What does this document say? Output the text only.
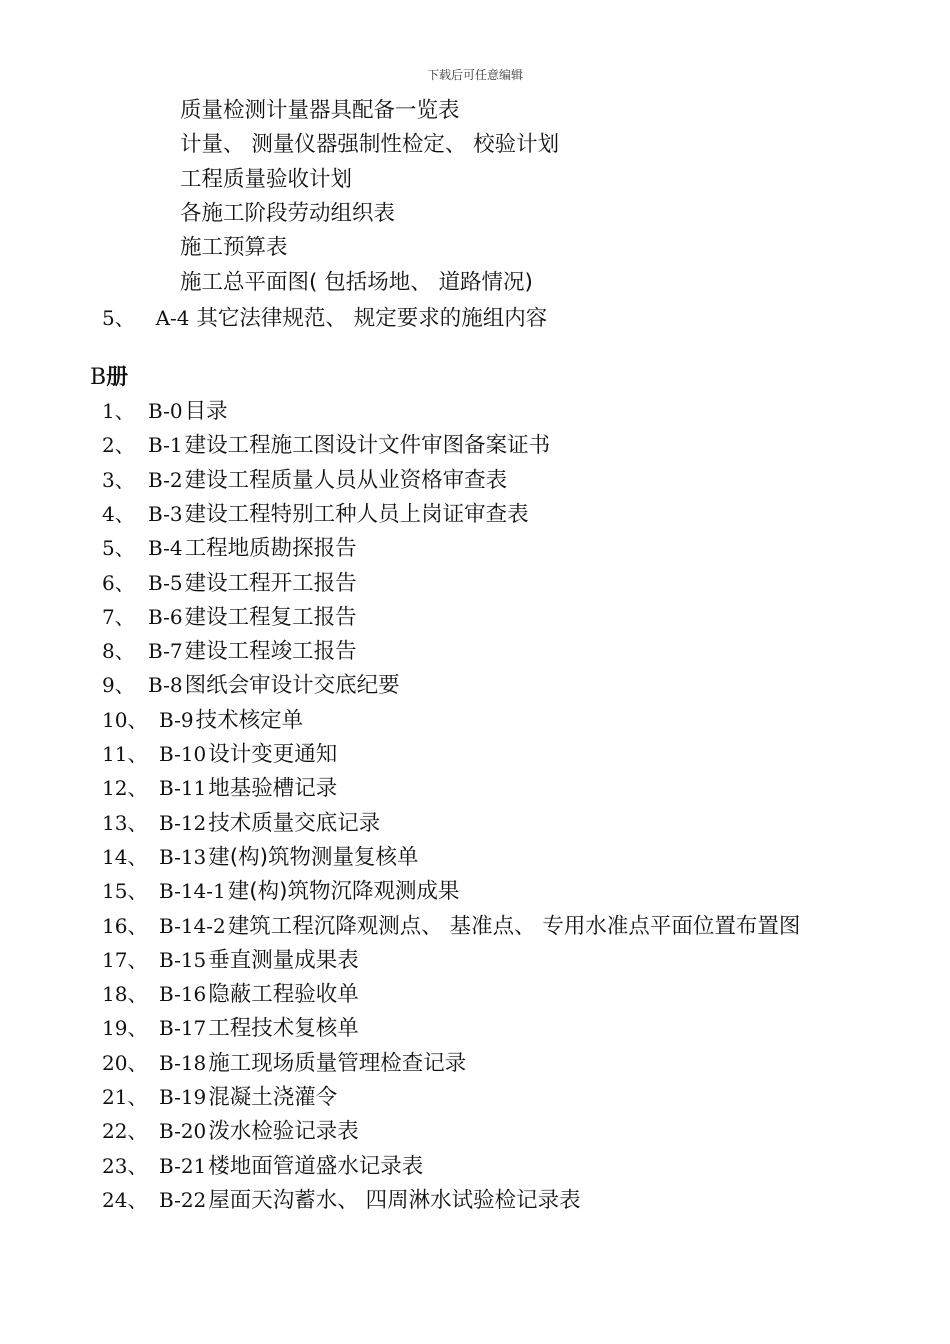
下载后可任意编辑
质量检测计量器具配备一览表
计量、 测量仪器强制性检定、 校验计划
工程质量验收计划
各施工阶段劳动组织表
施工预算表
施工总平面图( 包括场地、 道路情况)
5、 A-4 其它法律规范、 规定要求的施组内容
B册
1、 B-0目录
2、 B-1建设工程施工图设计文件审图备案证书
3、 B-2建设工程质量人员从业资格审查表
4、 B-3建设工程特别工种人员上岗证审查表
5、 B-4工程地质勘探报告
6、 B-5建设工程开工报告
7、 B-6建设工程复工报告
8、 B-7建设工程竣工报告
9、 B-8图纸会审设计交底纪要
10、 B-9技术核定单
11、 B-10设计变更通知
12、 B-11地基验槽记录
13、 B-12技术质量交底记录
14、 B-13建(构)筑物测量复核单
15、 B-14-1建(构)筑物沉降观测成果
16、 B-14-2建筑工程沉降观测点、 基准点、 专用水准点平面位置布置图
17、 B-15垂直测量成果表
18、 B-16隐蔽工程验收单
19、 B-17工程技术复核单
20、 B-18施工现场质量管理检查记录
21、 B-19混凝土浇灌令
22、 B-20泼水检验记录表
23、 B-21楼地面管道盛水记录表
24、 B-22屋面天沟蓄水、 四周淋水试验检记录表
